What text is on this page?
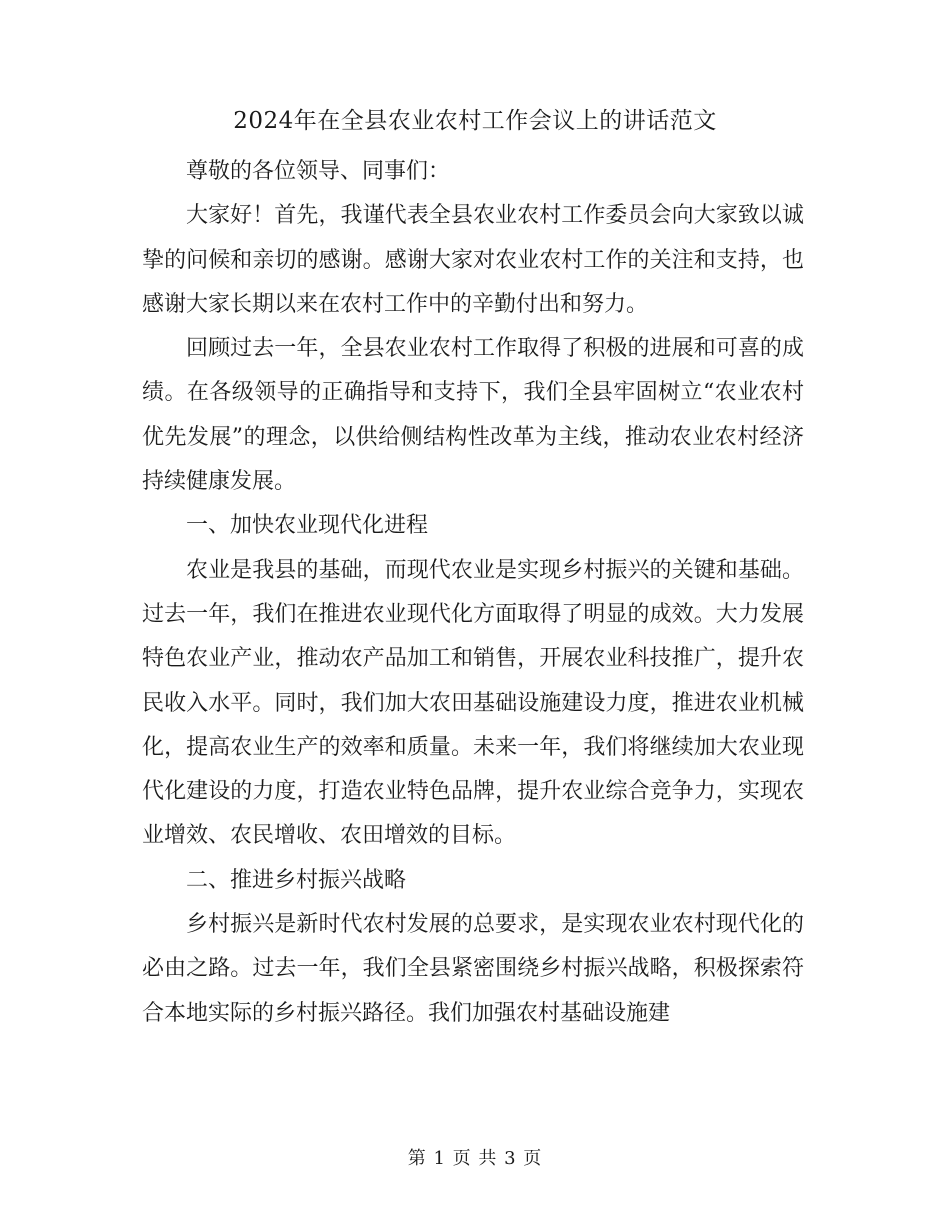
2024年在全县农业农村工作会议上的讲话范文

尊敬的各位领导、同事们：

大家好！首先，我谨代表全县农业农村工作委员会向大家致以诚挚的问候和亲切的感谢。感谢大家对农业农村工作的关注和支持，也感谢大家长期以来在农村工作中的辛勤付出和努力。

回顾过去一年，全县农业农村工作取得了积极的进展和可喜的成绩。在各级领导的正确指导和支持下，我们全县牢固树立“农业农村优先发展”的理念，以供给侧结构性改革为主线，推动农业农村经济持续健康发展。

一、加快农业现代化进程

农业是我县的基础，而现代农业是实现乡村振兴的关键和基础。过去一年，我们在推进农业现代化方面取得了明显的成效。大力发展特色农业产业，推动农产品加工和销售，开展农业科技推广，提升农民收入水平。同时，我们加大农田基础设施建设力度，推进农业机械化，提高农业生产的效率和质量。未来一年，我们将继续加大农业现代化建设的力度，打造农业特色品牌，提升农业综合竞争力，实现农业增效、农民增收、农田增效的目标。

二、推进乡村振兴战略

乡村振兴是新时代农村发展的总要求，是实现农业农村现代化的必由之路。过去一年，我们全县紧密围绕乡村振兴战略，积极探索符合本地实际的乡村振兴路径。我们加强农村基础设施建

第 1 页 共 3 页
